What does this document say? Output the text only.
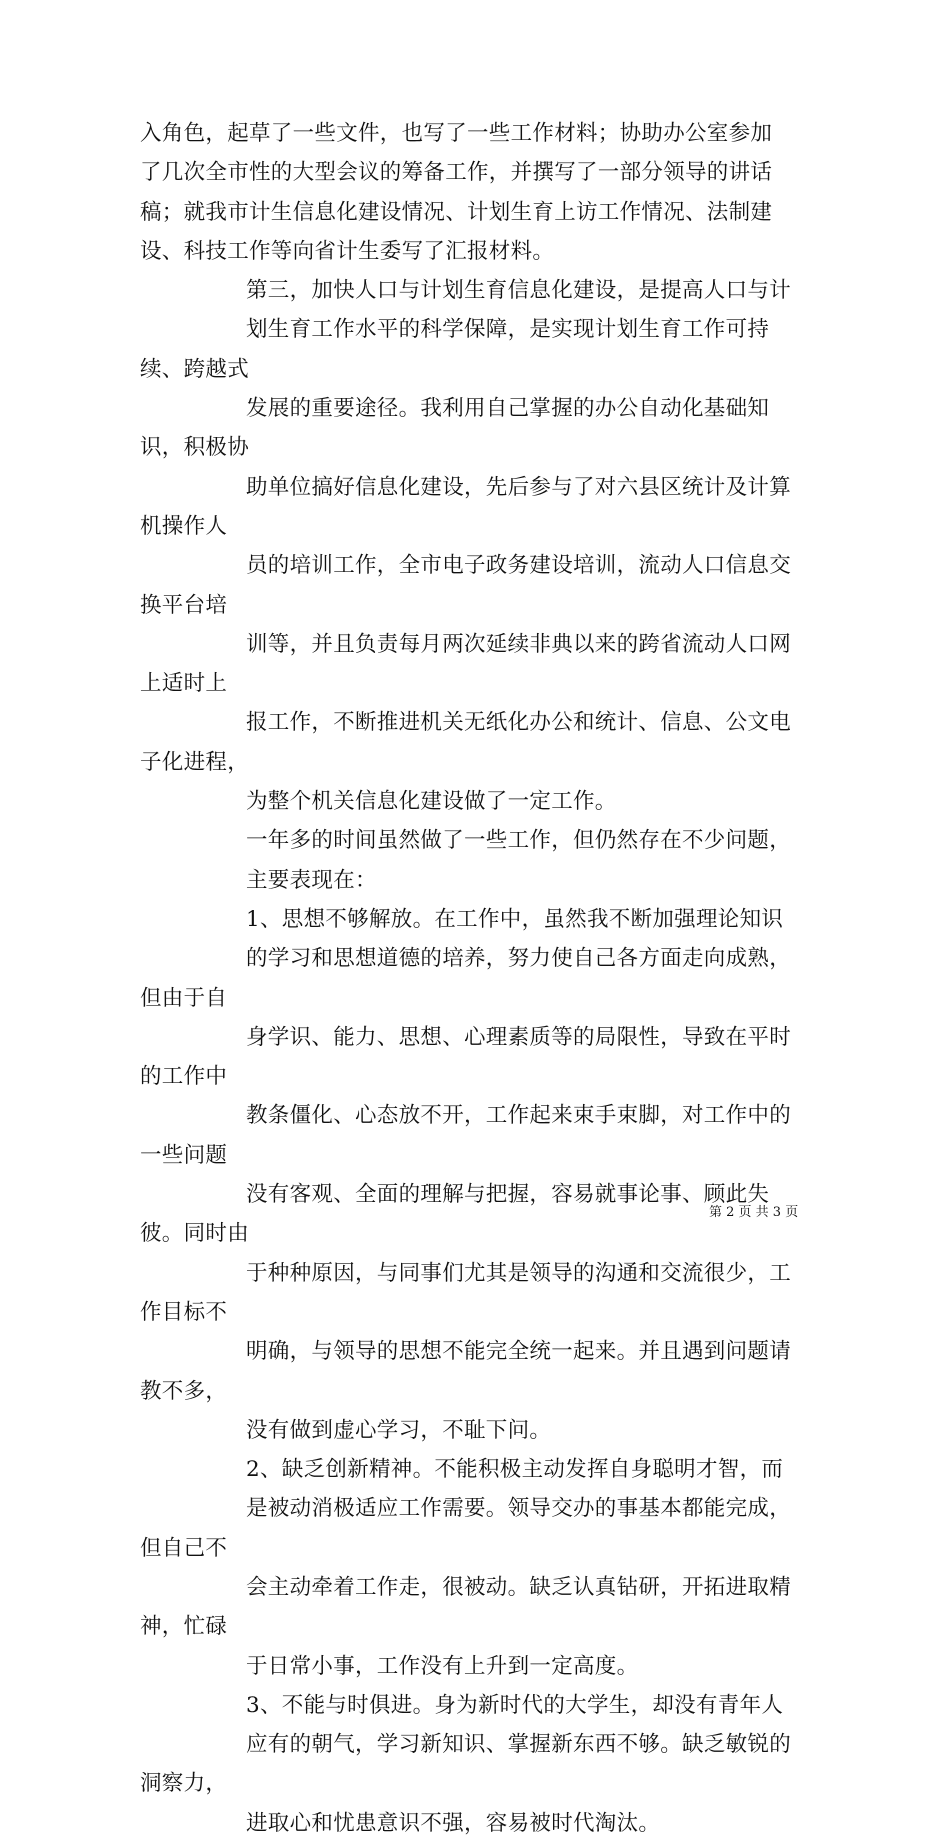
入角色，起草了一些文件，也写了一些工作材料；协助办公室参加
了几次全市性的大型会议的筹备工作，并撰写了一部分领导的讲话
稿；就我市计生信息化建设情况、计划生育上访工作情况、法制建
设、科技工作等向省计生委写了汇报材料。
第三，加快人口与计划生育信息化建设，是提高人口与计
划生育工作水平的科学保障，是实现计划生育工作可持续、跨越式
发展的重要途径。我利用自己掌握的办公自动化基础知识，积极协
助单位搞好信息化建设，先后参与了对六县区统计及计算机操作人
员的培训工作，全市电子政务建设培训，流动人口信息交换平台培
训等，并且负责每月两次延续非典以来的跨省流动人口网上适时上
报工作，不断推进机关无纸化办公和统计、信息、公文电子化进程，
为整个机关信息化建设做了一定工作。
一年多的时间虽然做了一些工作，但仍然存在不少问题，
主要表现在：
1、思想不够解放。在工作中，虽然我不断加强理论知识
的学习和思想道德的培养，努力使自己各方面走向成熟，但由于自
身学识、能力、思想、心理素质等的局限性，导致在平时的工作中
教条僵化、心态放不开，工作起来束手束脚，对工作中的一些问题
没有客观、全面的理解与把握，容易就事论事、顾此失彼。同时由
于种种原因，与同事们尤其是领导的沟通和交流很少，工作目标不
明确，与领导的思想不能完全统一起来。并且遇到问题请教不多，
没有做到虚心学习，不耻下问。
2、缺乏创新精神。不能积极主动发挥自身聪明才智，而
是被动消极适应工作需要。领导交办的事基本都能完成，但自己不
会主动牵着工作走，很被动。缺乏认真钻研，开拓进取精神，忙碌
于日常小事，工作没有上升到一定高度。
3、不能与时俱进。身为新时代的大学生，却没有青年人
应有的朝气，学习新知识、掌握新东西不够。缺乏敏锐的洞察力，
进取心和忧患意识不强，容易被时代淘汰。
第 2 页 共 3 页
